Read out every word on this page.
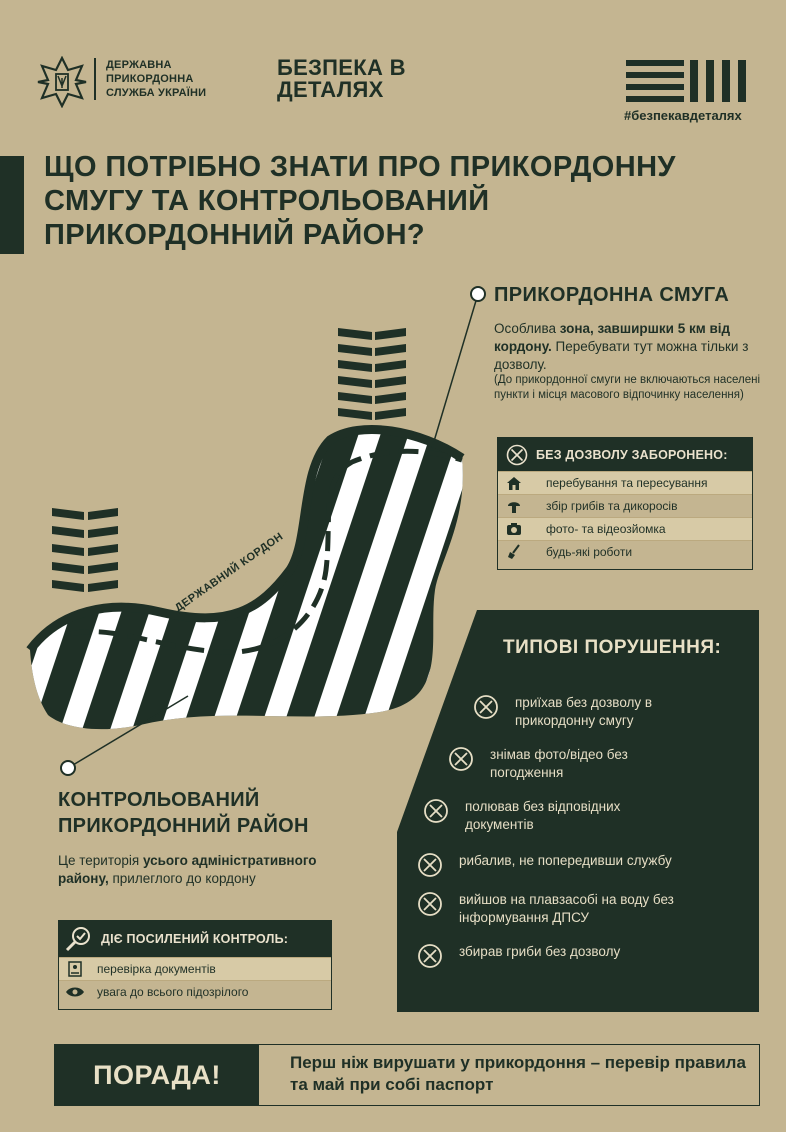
ДЕРЖАВНА ПРИКОРДОННА СЛУЖБА УКРАЇНИ
БЕЗПЕКА В ДЕТАЛЯХ
#безпекавдеталях
ЩО ПОТРІБНО ЗНАТИ ПРО ПРИКОРДОННУ СМУГУ ТА КОНТРОЛЬОВАНИЙ ПРИКОРДОННИЙ РАЙОН?
ДЕРЖАВНИЙ КОРДОН
ПРИКОРДОННА СМУГА
Особлива зона, завширшки 5 км від кордону. Перебувати тут можна тільки з дозволу.
(До прикордонної смуги не включаються населені пункти і місця масового відпочинку населення)
БЕЗ ДОЗВОЛУ ЗАБОРОНЕНО:
перебування та пересування
збір грибів та дикоросів
фото- та відеозйомка
будь-які роботи
КОНТРОЛЬОВАНИЙ ПРИКОРДОННИЙ РАЙОН
Це територія усього адміністративного району, прилеглого до кордону
ДІЄ ПОСИЛЕНИЙ КОНТРОЛЬ:
перевірка документів
увага до всього підозрілого
ТИПОВІ ПОРУШЕННЯ:
приїхав без дозволу в прикордонну смугу
знімав фото/відео без погодження
полював без відповідних документів
рибалив, не попередивши службу
вийшов на плавзасобі на воду без інформування ДПСУ
збирав гриби без дозволу
ПОРАДА!	Перш ніж вирушати у прикордоння – перевір правила та май при собі паспорт
